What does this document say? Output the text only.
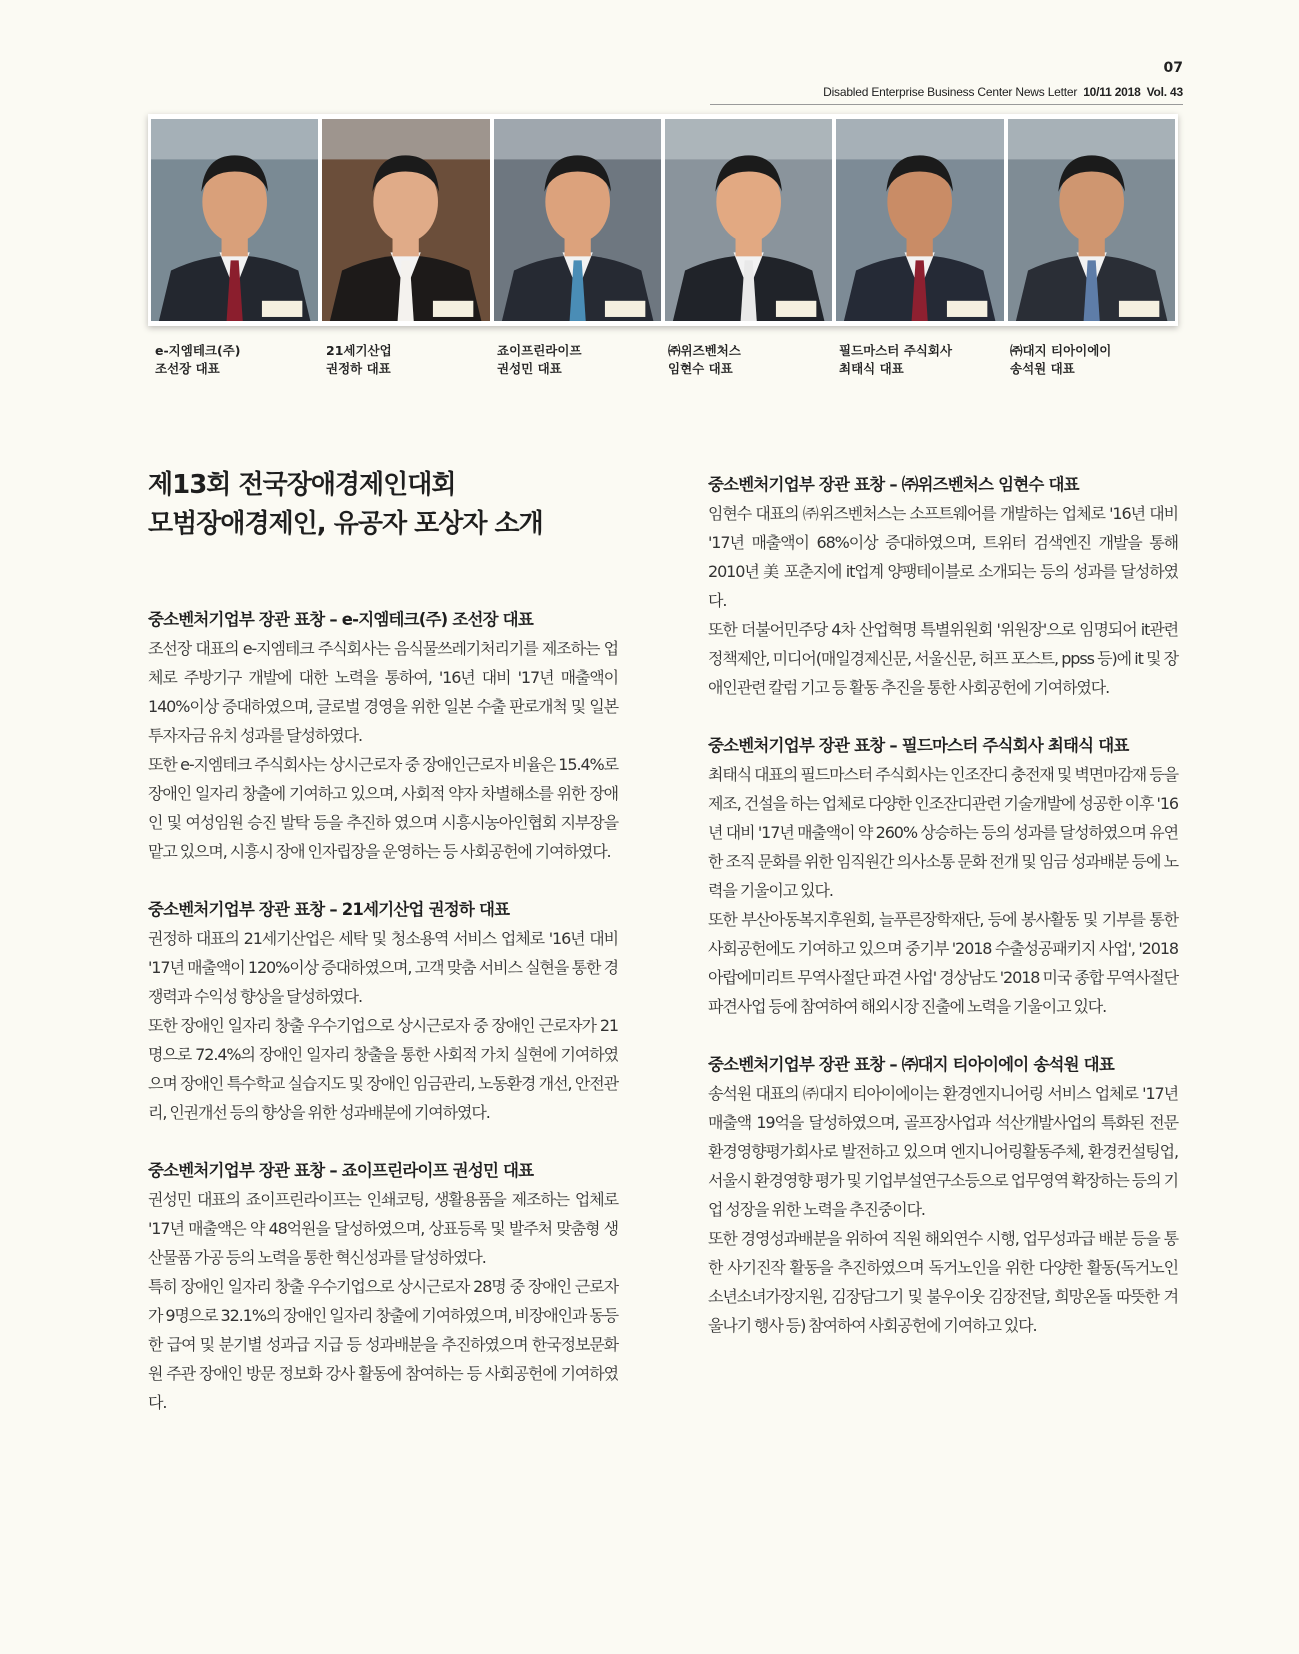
07
Disabled Enterprise Business Center News Letter 10/11 2018 Vol. 43
e-지엠테크(주)
조선장 대표
21세기산업
권정하 대표
죠이프린라이프
권성민 대표
㈜위즈벤처스
임현수 대표
필드마스터 주식회사
최태식 대표
㈜대지 티아이에이
송석원 대표
제13회 전국장애경제인대회
모범장애경제인, 유공자 포상자 소개
중소벤처기업부 장관 표창 – e-지엠테크(주) 조선장 대표

조선장 대표의 e-지엠테크 주식회사는 음식물쓰레기처리기를 제조하는 업체로 주방기구 개발에 대한 노력을 통하여, '16년 대비 '17년 매출액이 140%이상 증대하였으며, 글로벌 경영을 위한 일본 수출 판로개척 및 일본 투자자금 유치 성과를 달성하였다.

또한 e-지엠테크 주식회사는 상시근로자 중 장애인근로자 비율은 15.4%로 장애인 일자리 창출에 기여하고 있으며, 사회적 약자 차별해소를 위한 장애인 및 여성임원 승진 발탁 등을 추진하 였으며 시흥시농아인협회 지부장을 맡고 있으며, 시흥시 장애 인자립장을 운영하는 등 사회공헌에 기여하였다.

중소벤처기업부 장관 표창 – 21세기산업 권정하 대표

권정하 대표의 21세기산업은 세탁 및 청소용역 서비스 업체로 '16년 대비 '17년 매출액이 120%이상 증대하였으며, 고객 맞춤 서비스 실현을 통한 경쟁력과 수익성 향상을 달성하였다.

또한 장애인 일자리 창출 우수기업으로 상시근로자 중 장애인 근로자가 21명으로 72.4%의 장애인 일자리 창출을 통한 사회적 가치 실현에 기여하였으며 장애인 특수학교 실습지도 및 장애인 임금관리, 노동환경 개선, 안전관리, 인권개선 등의 향상을 위한 성과배분에 기여하였다.

중소벤처기업부 장관 표창 – 죠이프린라이프 권성민 대표

권성민 대표의 죠이프린라이프는 인쇄코팅, 생활용품을 제조하는 업체로 '17년 매출액은 약 48억원을 달성하였으며, 상표등록 및 발주처 맞춤형 생산물품 가공 등의 노력을 통한 혁신성과를 달성하였다.

특히 장애인 일자리 창출 우수기업으로 상시근로자 28명 중 장애인 근로자가 9명으로 32.1%의 장애인 일자리 창출에 기여하였으며, 비장애인과 동등한 급여 및 분기별 성과급 지급 등 성과배분을 추진하였으며 한국정보문화원 주관 장애인 방문 정보화 강사 활동에 참여하는 등 사회공헌에 기여하였다.

중소벤처기업부 장관 표창 – ㈜위즈벤처스 임현수 대표

임현수 대표의 ㈜위즈벤처스는 소프트웨어를 개발하는 업체로 '16년 대비 '17년 매출액이 68%이상 증대하였으며, 트위터 검색엔진 개발을 통해 2010년 美 포춘지에 it업계 양팽테이블로 소개되는 등의 성과를 달성하였다.

또한 더불어민주당 4차 산업혁명 특별위원회 '위원장'으로 임명되어 it관련 정책제안, 미디어(매일경제신문, 서울신문, 허프 포스트, ppss 등)에 it 및 장애인관련 칼럼 기고 등 활동 추진을 통한 사회공헌에 기여하였다.

중소벤처기업부 장관 표창 – 필드마스터 주식회사 최태식 대표

최태식 대표의 필드마스터 주식회사는 인조잔디 충전재 및 벽면마감재 등을 제조, 건설을 하는 업체로 다양한 인조잔디관련 기술개발에 성공한 이후 '16년 대비 '17년 매출액이 약 260% 상승하는 등의 성과를 달성하였으며 유연한 조직 문화를 위한 임직원간 의사소통 문화 전개 및 임금 성과배분 등에 노력을 기울이고 있다.

또한 부산아동복지후원회, 늘푸른장학재단, 등에 봉사활동 및 기부를 통한 사회공헌에도 기여하고 있으며 중기부 '2018 수출성공패키지 사업', '2018 아랍에미리트 무역사절단 파견 사업' 경상남도 '2018 미국 종합 무역사절단 파견사업 등에 참여하여 해외시장 진출에 노력을 기울이고 있다.

중소벤처기업부 장관 표창 – ㈜대지 티아이에이 송석원 대표

송석원 대표의 ㈜대지 티아이에이는 환경엔지니어링 서비스 업체로 '17년 매출액 19억을 달성하였으며, 골프장사업과 석산개발사업의 특화된 전문 환경영향평가회사로 발전하고 있으며 엔지니어링활동주체, 환경컨설팅업, 서울시 환경영향 평가 및 기업부설연구소등으로 업무영역 확장하는 등의 기업 성장을 위한 노력을 추진중이다.

또한 경영성과배분을 위하여 직원 해외연수 시행, 업무성과급 배분 등을 통한 사기진작 활동을 추진하였으며 독거노인을 위한 다양한 활동(독거노인소년소녀가장지원, 김장담그기 및 불우이웃 김장전달, 희망온돌 따뜻한 겨울나기 행사 등) 참여하여 사회공헌에 기여하고 있다.
